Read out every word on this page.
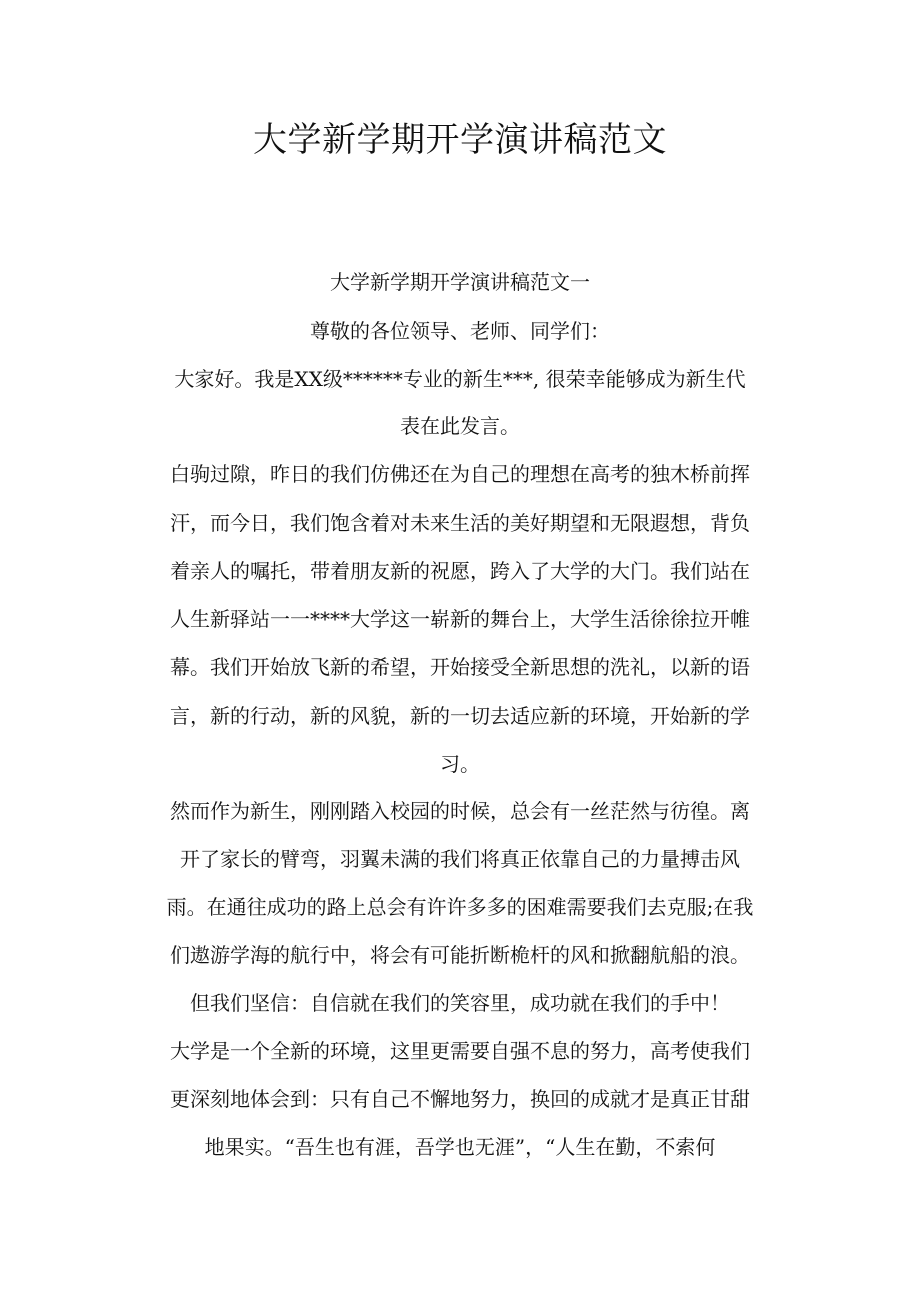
大学新学期开学演讲稿范文

大学新学期开学演讲稿范文一

尊敬的各位领导、老师、同学们：

大家好。我是XX级******专业的新生***, 很荣幸能够成为新生代

表在此发言。

白驹过隙，昨日的我们仿佛还在为自己的理想在高考的独木桥前挥

汗，而今日，我们饱含着对未来生活的美好期望和无限遐想，背负

着亲人的嘱托，带着朋友新的祝愿，跨入了大学的大门。我们站在

人生新驿站一一****大学这一崭新的舞台上，大学生活徐徐拉开帷

幕。我们开始放飞新的希望，开始接受全新思想的洗礼，以新的语

言，新的行动，新的风貌，新的一切去适应新的环境，开始新的学

习。

然而作为新生，刚刚踏入校园的时候，总会有一丝茫然与彷徨。离

开了家长的臂弯，羽翼未满的我们将真正依靠自己的力量搏击风

雨。在通往成功的路上总会有许许多多的困难需要我们去克服;在我

们遨游学海的航行中，将会有可能折断桅杆的风和掀翻航船的浪。

但我们坚信：自信就在我们的笑容里，成功就在我们的手中！

大学是一个全新的环境，这里更需要自强不息的努力，高考使我们

更深刻地体会到：只有自己不懈地努力，换回的成就才是真正甘甜

地果实。“吾生也有涯，吾学也无涯”，“人生在勤，不索何
